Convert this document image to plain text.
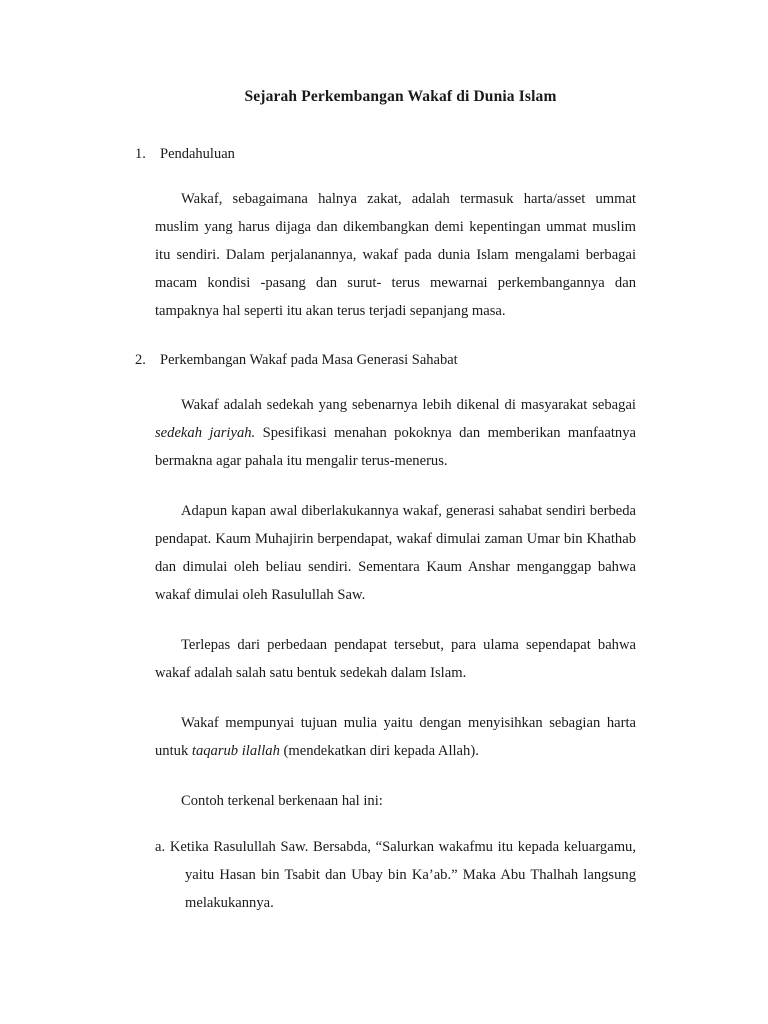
Sejarah Perkembangan Wakaf di Dunia Islam
1. Pendahuluan

Wakaf, sebagaimana halnya zakat, adalah termasuk harta/asset ummat muslim yang harus dijaga dan dikembangkan demi kepentingan ummat muslim itu sendiri. Dalam perjalanannya, wakaf pada dunia Islam mengalami berbagai macam kondisi -pasang dan surut- terus mewarnai perkembangannya dan tampaknya hal seperti itu akan terus terjadi sepanjang masa.

2. Perkembangan Wakaf pada Masa Generasi Sahabat

Wakaf adalah sedekah yang sebenarnya lebih dikenal di masyarakat sebagai sedekah jariyah. Spesifikasi menahan pokoknya dan memberikan manfaatnya bermakna agar pahala itu mengalir terus-menerus.

Adapun kapan awal diberlakukannya wakaf, generasi sahabat sendiri berbeda pendapat. Kaum Muhajirin berpendapat, wakaf dimulai zaman Umar bin Khathab dan dimulai oleh beliau sendiri. Sementara Kaum Anshar menganggap bahwa wakaf dimulai oleh Rasulullah Saw.

Terlepas dari perbedaan pendapat tersebut, para ulama sependapat bahwa wakaf adalah salah satu bentuk sedekah dalam Islam.

Wakaf mempunyai tujuan mulia yaitu dengan menyisihkan sebagian harta untuk taqarub ilallah (mendekatkan diri kepada Allah).

Contoh terkenal berkenaan hal ini:

a. Ketika Rasulullah Saw. Bersabda, “Salurkan wakafmu itu kepada keluargamu, yaitu Hasan bin Tsabit dan Ubay bin Ka’ab.” Maka Abu Thalhah langsung melakukannya.
